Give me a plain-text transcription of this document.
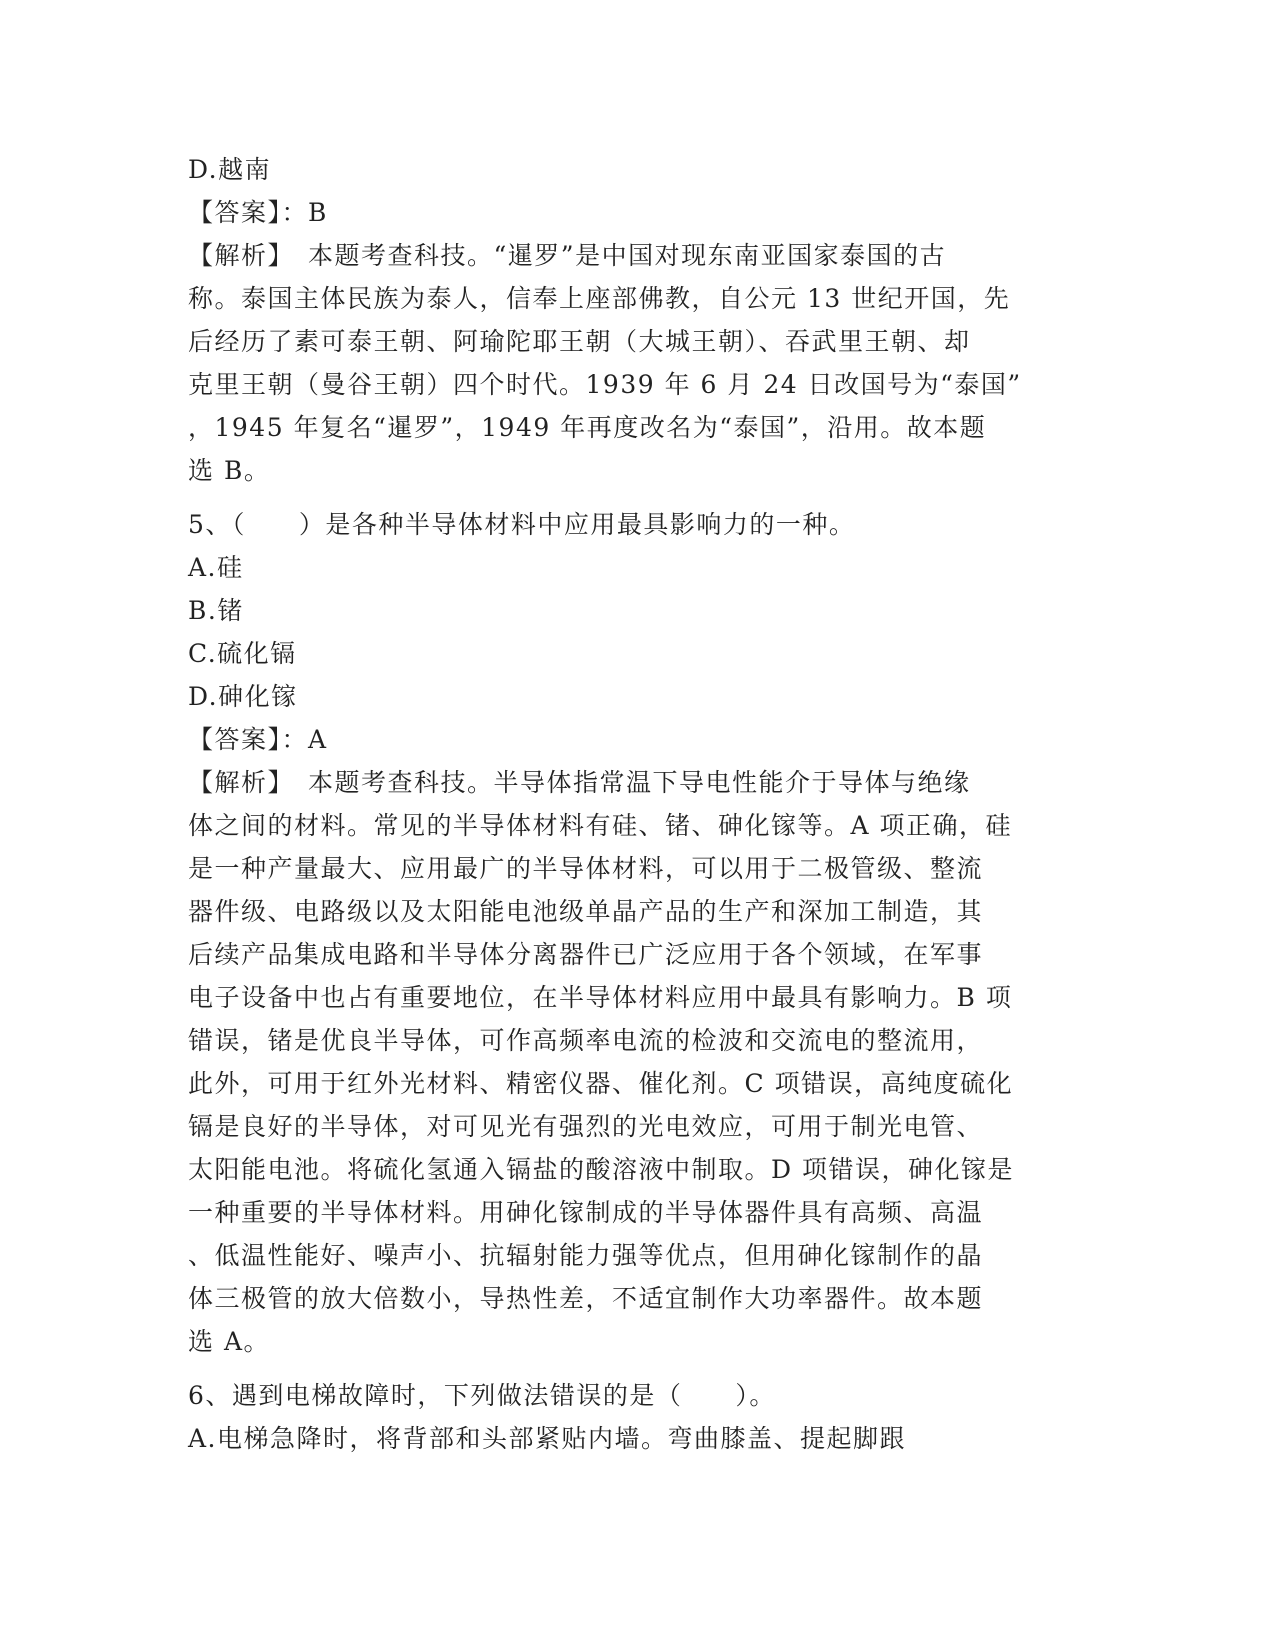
D.越南
【答案】：B
【解析】　本题考查科技。“暹罗”是中国对现东南亚国家泰国的古
称。泰国主体民族为泰人，信奉上座部佛教，自公元 13 世纪开国，先
后经历了素可泰王朝、阿瑜陀耶王朝（大城王朝）、吞武里王朝、却
克里王朝（曼谷王朝）四个时代。1939 年 6 月 24 日改国号为“泰国”
，1945 年复名“暹罗”，1949 年再度改名为“泰国”，沿用。故本题
选 B。
5、（　　）是各种半导体材料中应用最具影响力的一种。
A.硅
B.锗
C.硫化镉
D.砷化镓
【答案】：A
【解析】　本题考查科技。半导体指常温下导电性能介于导体与绝缘
体之间的材料。常见的半导体材料有硅、锗、砷化镓等。A 项正确，硅
是一种产量最大、应用最广的半导体材料，可以用于二极管级、整流
器件级、电路级以及太阳能电池级单晶产品的生产和深加工制造，其
后续产品集成电路和半导体分离器件已广泛应用于各个领域，在军事
电子设备中也占有重要地位，在半导体材料应用中最具有影响力。B 项
错误，锗是优良半导体，可作高频率电流的检波和交流电的整流用，
此外，可用于红外光材料、精密仪器、催化剂。C 项错误，高纯度硫化
镉是良好的半导体，对可见光有强烈的光电效应，可用于制光电管、
太阳能电池。将硫化氢通入镉盐的酸溶液中制取。D 项错误，砷化镓是
一种重要的半导体材料。用砷化镓制成的半导体器件具有高频、高温
、低温性能好、噪声小、抗辐射能力强等优点，但用砷化镓制作的晶
体三极管的放大倍数小，导热性差，不适宜制作大功率器件。故本题
选 A。
6、遇到电梯故障时，下列做法错误的是（　　）。
A.电梯急降时，将背部和头部紧贴内墙。弯曲膝盖、提起脚跟
